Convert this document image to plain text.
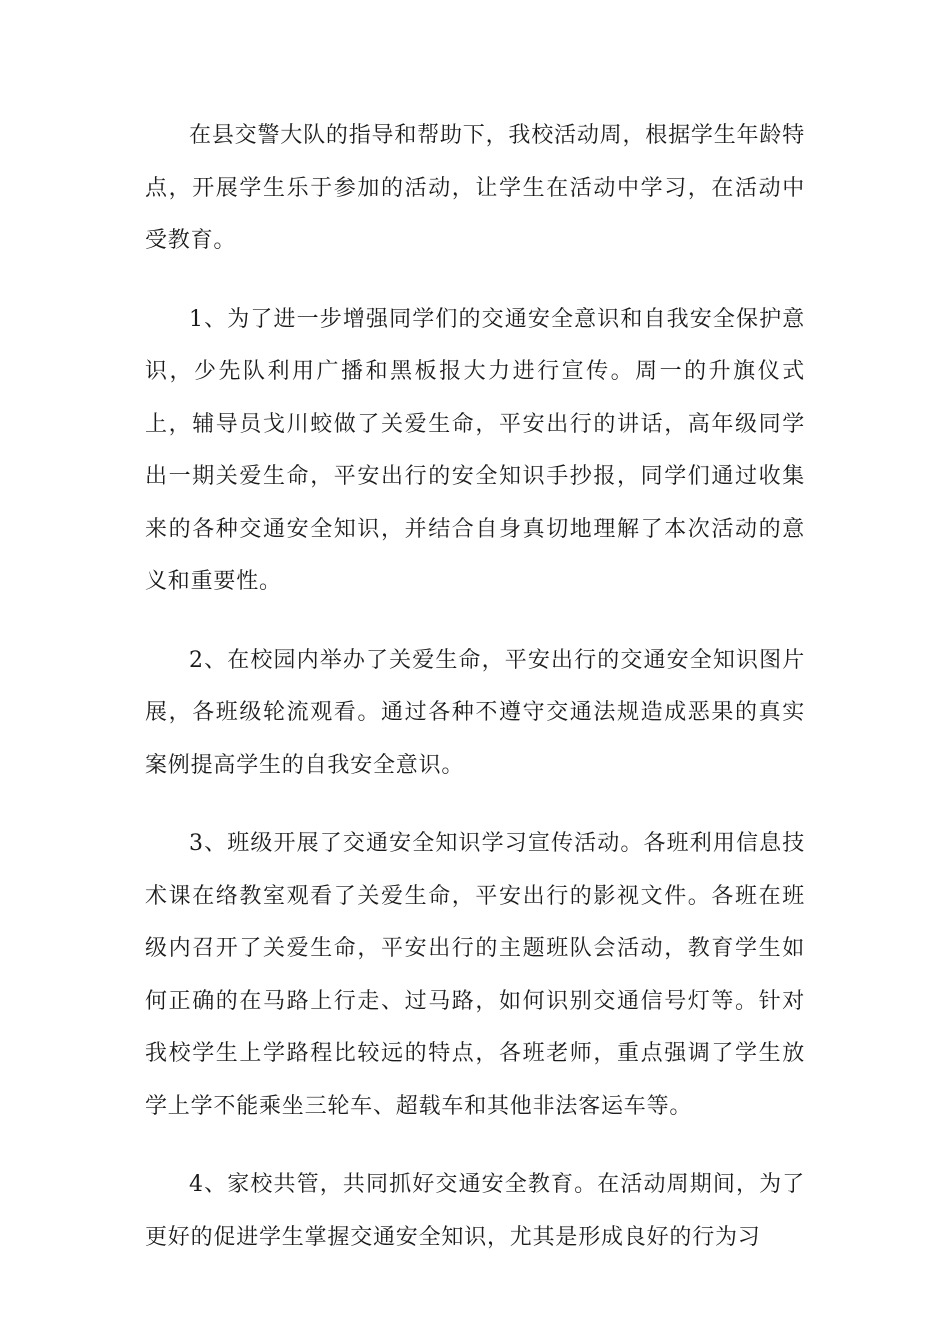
在县交警大队的指导和帮助下，我校活动周，根据学生年龄特点，开展学生乐于参加的活动，让学生在活动中学习，在活动中受教育。

1、为了进一步增强同学们的交通安全意识和自我安全保护意识，少先队利用广播和黑板报大力进行宣传。周一的升旗仪式上，辅导员戈川蛟做了关爱生命，平安出行的讲话，高年级同学出一期关爱生命，平安出行的安全知识手抄报，同学们通过收集来的各种交通安全知识，并结合自身真切地理解了本次活动的意义和重要性。

2、在校园内举办了关爱生命，平安出行的交通安全知识图片展，各班级轮流观看。通过各种不遵守交通法规造成恶果的真实案例提高学生的自我安全意识。

3、班级开展了交通安全知识学习宣传活动。各班利用信息技术课在络教室观看了关爱生命，平安出行的影视文件。各班在班级内召开了关爱生命，平安出行的主题班队会活动，教育学生如何正确的在马路上行走、过马路，如何识别交通信号灯等。针对我校学生上学路程比较远的特点，各班老师，重点强调了学生放学上学不能乘坐三轮车、超载车和其他非法客运车等。

4、家校共管，共同抓好交通安全教育。在活动周期间，为了更好的促进学生掌握交通安全知识，尤其是形成良好的行为习
